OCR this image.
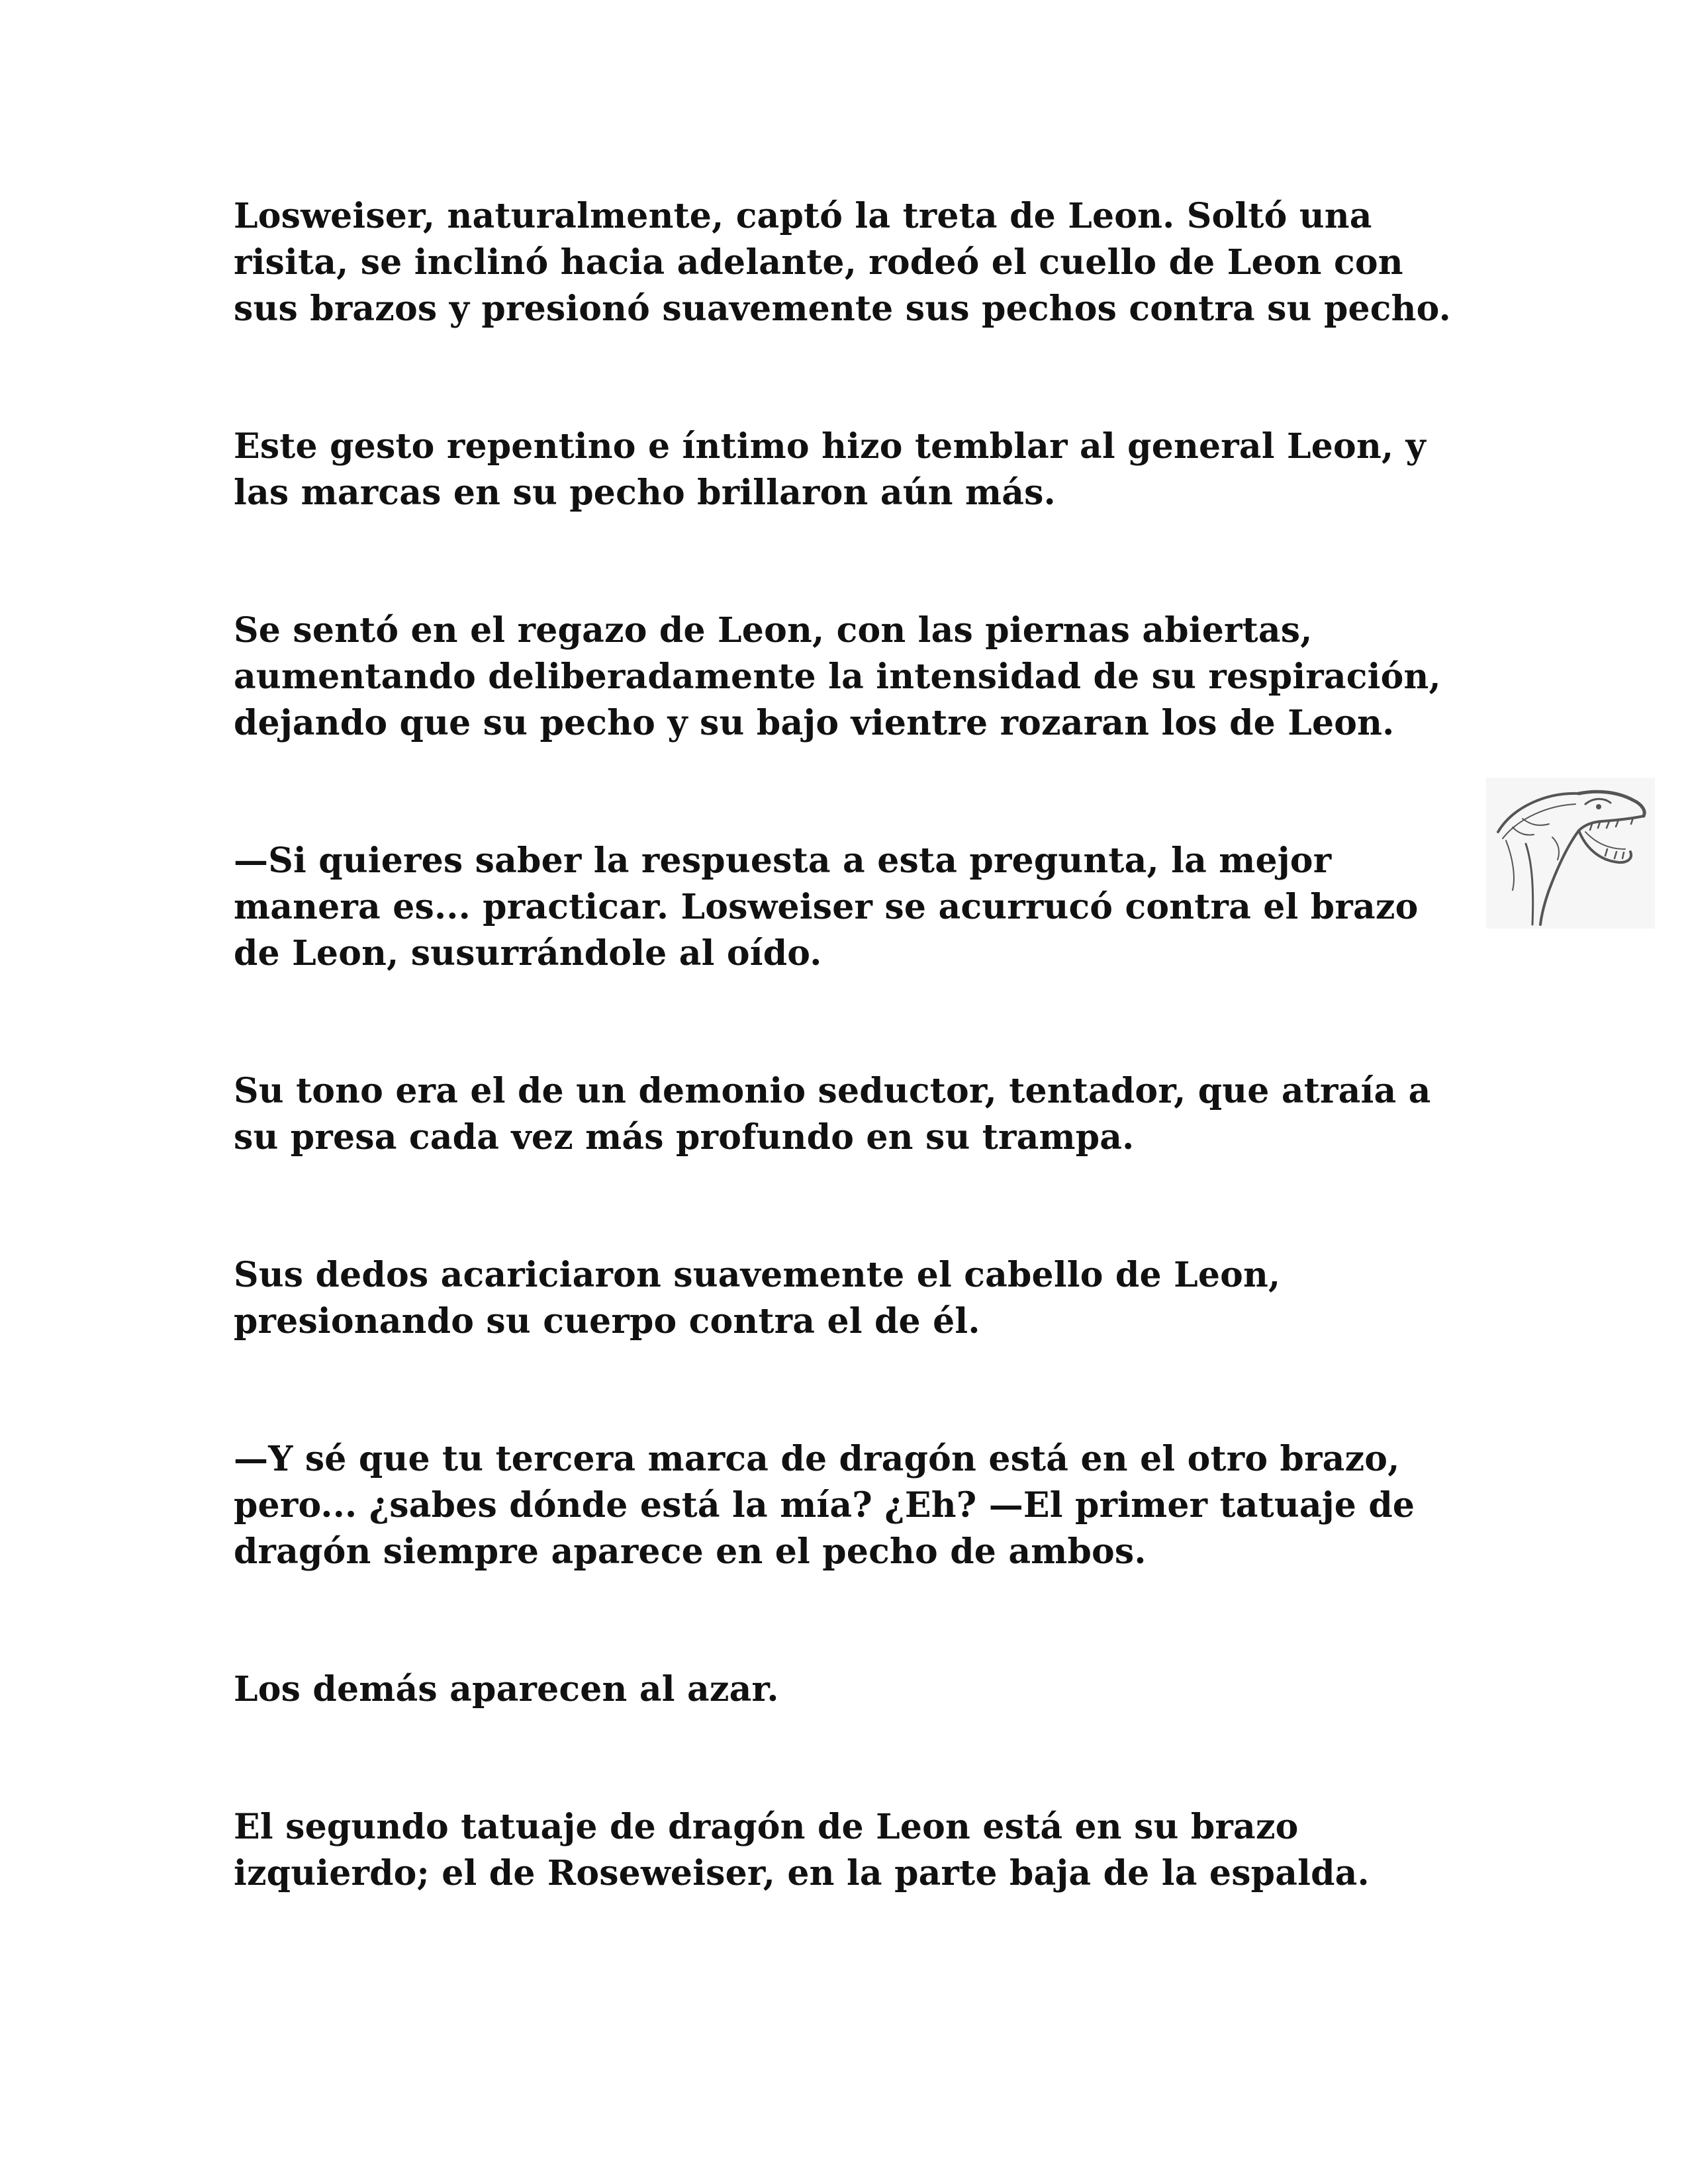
Losweiser, naturalmente, captó la treta de Leon. Soltó una
risita, se inclinó hacia adelante, rodeó el cuello de Leon con
sus brazos y presionó suavemente sus pechos contra su pecho.

Este gesto repentino e íntimo hizo temblar al general Leon, y
las marcas en su pecho brillaron aún más.

Se sentó en el regazo de Leon, con las piernas abiertas,
aumentando deliberadamente la intensidad de su respiración,
dejando que su pecho y su bajo vientre rozaran los de Leon.

—Si quieres saber la respuesta a esta pregunta, la mejor
manera es... practicar. Losweiser se acurrucó contra el brazo
de Leon, susurrándole al oído.

Su tono era el de un demonio seductor, tentador, que atraía a
su presa cada vez más profundo en su trampa.

Sus dedos acariciaron suavemente el cabello de Leon,
presionando su cuerpo contra el de él.

—Y sé que tu tercera marca de dragón está en el otro brazo,
pero... ¿sabes dónde está la mía? ¿Eh? —El primer tatuaje de
dragón siempre aparece en el pecho de ambos.

Los demás aparecen al azar.

El segundo tatuaje de dragón de Leon está en su brazo
izquierdo; el de Roseweiser, en la parte baja de la espalda.
